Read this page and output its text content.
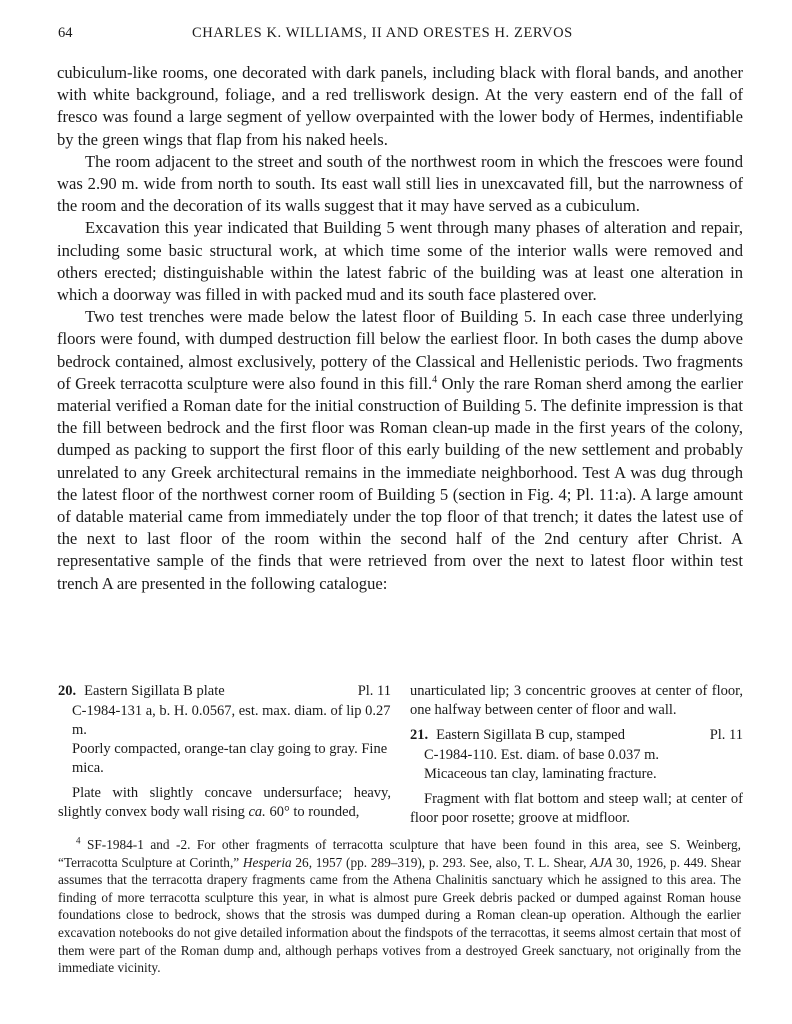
64	CHARLES K. WILLIAMS, II AND ORESTES H. ZERVOS

cubiculum-like rooms, one decorated with dark panels, including black with floral bands, and another with white background, foliage, and a red trelliswork design. At the very eastern end of the fall of fresco was found a large segment of yellow overpainted with the lower body of Hermes, indentifiable by the green wings that flap from his naked heels.

The room adjacent to the street and south of the northwest room in which the frescoes were found was 2.90 m. wide from north to south. Its east wall still lies in unexcavated fill, but the narrowness of the room and the decoration of its walls suggest that it may have served as a cubiculum.

Excavation this year indicated that Building 5 went through many phases of alteration and repair, including some basic structural work, at which time some of the interior walls were removed and others erected; distinguishable within the latest fabric of the building was at least one alteration in which a doorway was filled in with packed mud and its south face plastered over.

Two test trenches were made below the latest floor of Building 5. In each case three underlying floors were found, with dumped destruction fill below the earliest floor. In both cases the dump above bedrock contained, almost exclusively, pottery of the Classical and Hellenistic periods. Two fragments of Greek terracotta sculpture were also found in this fill.$^4$ Only the rare Roman sherd among the earlier material verified a Roman date for the initial construction of Building 5. The definite impression is that the fill between bedrock and the first floor was Roman clean-up made in the first years of the colony, dumped as packing to support the first floor of this early building of the new settlement and probably unrelated to any Greek architectural remains in the immediate neighborhood. Test A was dug through the latest floor of the northwest corner room of Building 5 (section in Fig. 4; Pl. 11:a). A large amount of datable material came from immediately under the top floor of that trench; it dates the latest use of the next to last floor of the room within the second half of the 2nd century after Christ. A representative sample of the finds that were retrieved from over the next to latest floor within test trench A are presented in the following catalogue:

20. Eastern Sigillata B plate	Pl. 11
C-1984-131 a, b. H. 0.0567, est. max. diam. of lip 0.27 m.
Poorly compacted, orange-tan clay going to gray. Fine mica.
Plate with slightly concave undersurface; heavy, slightly convex body wall rising ca. 60° to rounded,
unarticulated lip; 3 concentric grooves at center of floor, one halfway between center of floor and wall.
21. Eastern Sigillata B cup, stamped	Pl. 11
C-1984-110. Est. diam. of base 0.037 m.
Micaceous tan clay, laminating fracture.
Fragment with flat bottom and steep wall; at center of floor poor rosette; groove at midfloor.
$^4$ SF-1984-1 and -2. For other fragments of terracotta sculpture that have been found in this area, see S. Weinberg, “Terracotta Sculpture at Corinth,” Hesperia 26, 1957 (pp. 289–319), p. 293. See, also, T. L. Shear, AJA 30, 1926, p. 449. Shear assumes that the terracotta drapery fragments came from the Athena Chalinitis sanctuary which he assigned to this area. The finding of more terracotta sculpture this year, in what is almost pure Greek debris packed or dumped against Roman house foundations close to bedrock, shows that the strosis was dumped during a Roman clean-up operation. Although the earlier excavation notebooks do not give detailed information about the findspots of the terracottas, it seems almost certain that most of them were part of the Roman dump and, although perhaps votives from a destroyed Greek sanctuary, not originally from the immediate vicinity.
